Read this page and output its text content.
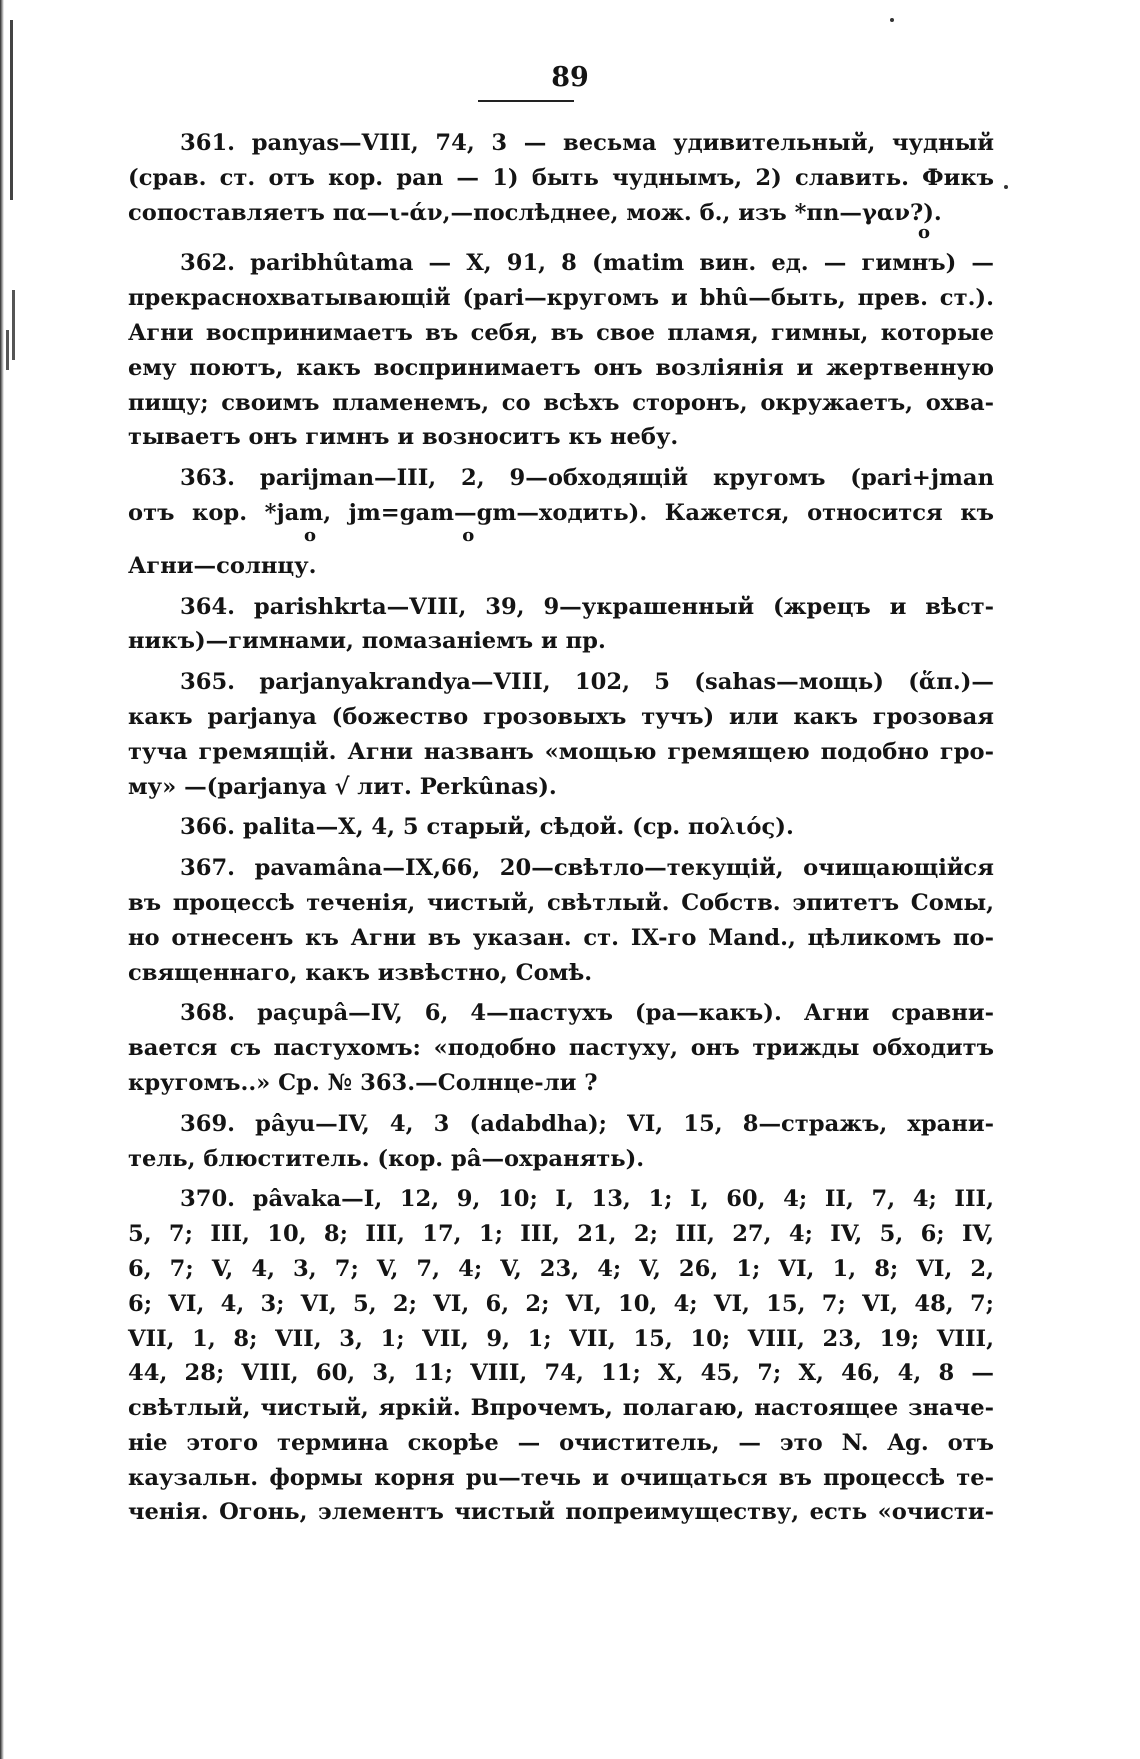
89
361. panyas—VIII, 74, 3 — весьма удивительный, чудный
(срав. ст. отъ кор. pan — 1) быть чуднымъ, 2) славить. Фикъ
сопоставляетъ πα—ι-άν,—послѣднее, мож. б., изъ *πn—γαν?).
o
362. paribhûtama — X, 91, 8 (matim вин. ед. — гимнъ) —
прекраснохватывающій (pari—кругомъ и bhû—быть, прев. ст.).
Агни воспринимаетъ въ себя, въ свое пламя, гимны, которые
ему поютъ, какъ воспринимаетъ онъ возліянія и жертвенную
пищу; своимъ пламенемъ, со всѣхъ сторонъ, окружаетъ, охва-
тываетъ онъ гимнъ и возноситъ къ небу.
363. parijman—III, 2, 9—обходящій кругомъ (pari+jman
отъ кор. *jam, jm=gam—gm—ходить). Кажется, относится къ
o o
Агни—солнцу.
364. parishkrta—VIII, 39, 9—украшенный (жрецъ и вѣст-
никъ)—гимнами, помазаніемъ и пр.
365. parjanyakrandya—VIII, 102, 5 (sahas—мощь) (ἅπ.)—
какъ parjanya (божество грозовыхъ тучъ) или какъ грозовая
туча гремящій. Агни названъ «мощью гремящею подобно гро-
му» —(parjanya √ лит. Perkûnas).
366. palita—X, 4, 5 старый, сѣдой. (ср. πολιός).
367. pavamâna—IX,66, 20—свѣтло—текущій, очищающійся
въ процессѣ теченія, чистый, свѣтлый. Собств. эпитетъ Сомы,
но отнесенъ къ Агни въ указан. ст. IX-го Mand., цѣликомъ по-
священнаго, какъ извѣстно, Сомѣ.
368. paçupâ—IV, 6, 4—пастухъ (pa—какъ). Агни сравни-
вается съ пастухомъ: «подобно пастуху, онъ трижды обходитъ
кругомъ..» Ср. № 363.—Солнце-ли ?
369. pâyu—IV, 4, 3 (adabdha); VI, 15, 8—стражъ, храни-
тель, блюститель. (кор. pâ—охранять).
370. pâvaka—I, 12, 9, 10; I, 13, 1; I, 60, 4; II, 7, 4; III,
5, 7; III, 10, 8; III, 17, 1; III, 21, 2; III, 27, 4; IV, 5, 6; IV,
6, 7; V, 4, 3, 7; V, 7, 4; V, 23, 4; V, 26, 1; VI, 1, 8; VI, 2,
6; VI, 4, 3; VI, 5, 2; VI, 6, 2; VI, 10, 4; VI, 15, 7; VI, 48, 7;
VII, 1, 8; VII, 3, 1; VII, 9, 1; VII, 15, 10; VIII, 23, 19; VIII,
44, 28; VIII, 60, 3, 11; VIII, 74, 11; X, 45, 7; X, 46, 4, 8 —
свѣтлый, чистый, яркій. Впрочемъ, полагаю, настоящее значе-
ніе этого термина скорѣе — очиститель, — это N. Ag. отъ
каузальн. формы корня pu—течь и очищаться въ процессѣ те-
ченія. Огонь, элементъ чистый попреимуществу, есть «очисти-
